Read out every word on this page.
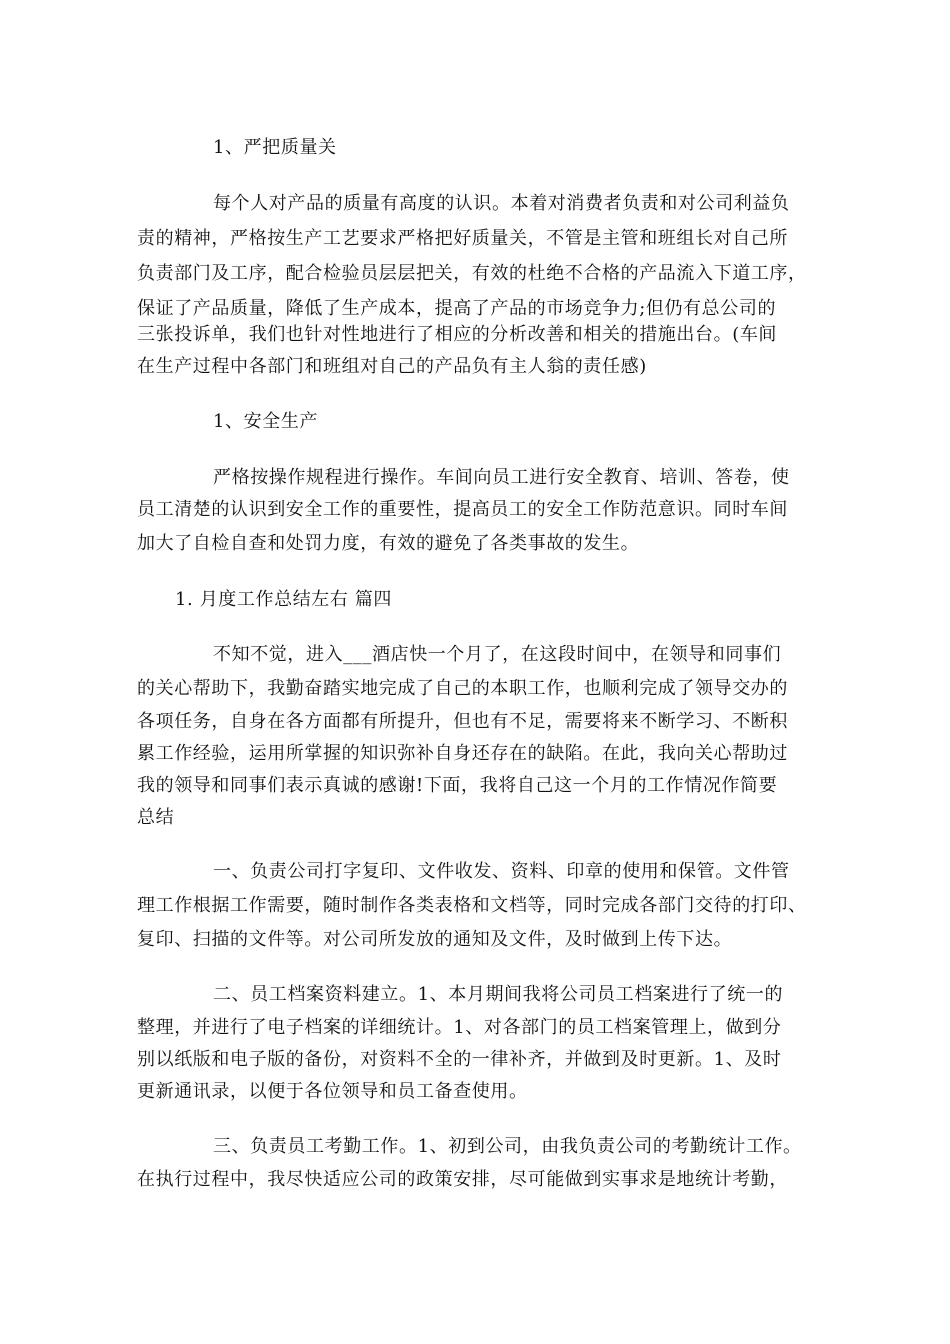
1、严把质量关
每个人对产品的质量有高度的认识。本着对消费者负责和对公司利益负
责的精神，严格按生产工艺要求严格把好质量关，不管是主管和班组长对自己所
负责部门及工序，配合检验员层层把关，有效的杜绝不合格的产品流入下道工序，
保证了产品质量，降低了生产成本，提高了产品的市场竞争力;但仍有总公司的
三张投诉单，我们也针对性地进行了相应的分析改善和相关的措施出台。(车间
在生产过程中各部门和班组对自己的产品负有主人翁的责任感)
1、安全生产
严格按操作规程进行操作。车间向员工进行安全教育、培训、答卷，使
员工清楚的认识到安全工作的重要性，提高员工的安全工作防范意识。同时车间
加大了自检自查和处罚力度，有效的避免了各类事故的发生。
1. 月度工作总结左右 篇四
不知不觉，进入___酒店快一个月了，在这段时间中，在领导和同事们
的关心帮助下，我勤奋踏实地完成了自己的本职工作，也顺利完成了领导交办的
各项任务，自身在各方面都有所提升，但也有不足，需要将来不断学习、不断积
累工作经验，运用所掌握的知识弥补自身还存在的缺陷。在此，我向关心帮助过
我的领导和同事们表示真诚的感谢!下面，我将自己这一个月的工作情况作简要
总结
一、负责公司打字复印、文件收发、资料、印章的使用和保管。文件管
理工作根据工作需要，随时制作各类表格和文档等，同时完成各部门交待的打印、
复印、扫描的文件等。对公司所发放的通知及文件，及时做到上传下达。
二、员工档案资料建立。1、本月期间我将公司员工档案进行了统一的
整理，并进行了电子档案的详细统计。1、对各部门的员工档案管理上，做到分
别以纸版和电子版的备份，对资料不全的一律补齐，并做到及时更新。1、及时
更新通讯录，以便于各位领导和员工备查使用。
三、负责员工考勤工作。1、初到公司，由我负责公司的考勤统计工作。
在执行过程中，我尽快适应公司的政策安排，尽可能做到实事求是地统计考勤，
